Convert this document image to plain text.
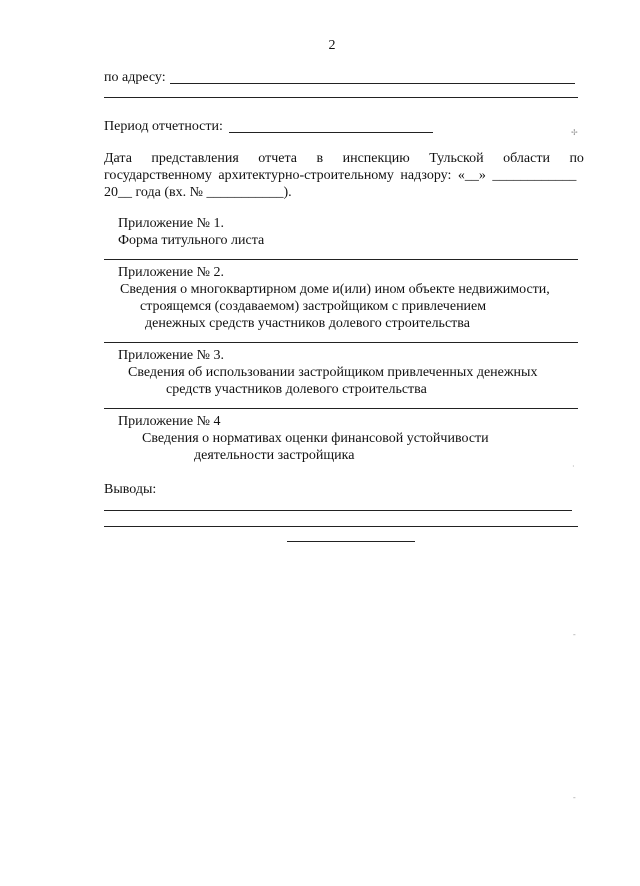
2
по адресу:
Период отчетности:
Дата представления отчета в инспекцию Тульской области по
государственному архитектурно-строительному надзору: «__» ____________
20__ года (вх. № ___________).
Приложение № 1.
Форма титульного листа
Приложение № 2.
Сведения о многоквартирном доме и(или) ином объекте недвижимости,
строящемся (создаваемом) застройщиком с привлечением
денежных средств участников долевого строительства
Приложение № 3.
Сведения об использовании застройщиком привлеченных денежных
средств участников долевого строительства
Приложение № 4
Сведения о нормативах оценки финансовой устойчивости
деятельности застройщика
Выводы:
✢
·
-
-
